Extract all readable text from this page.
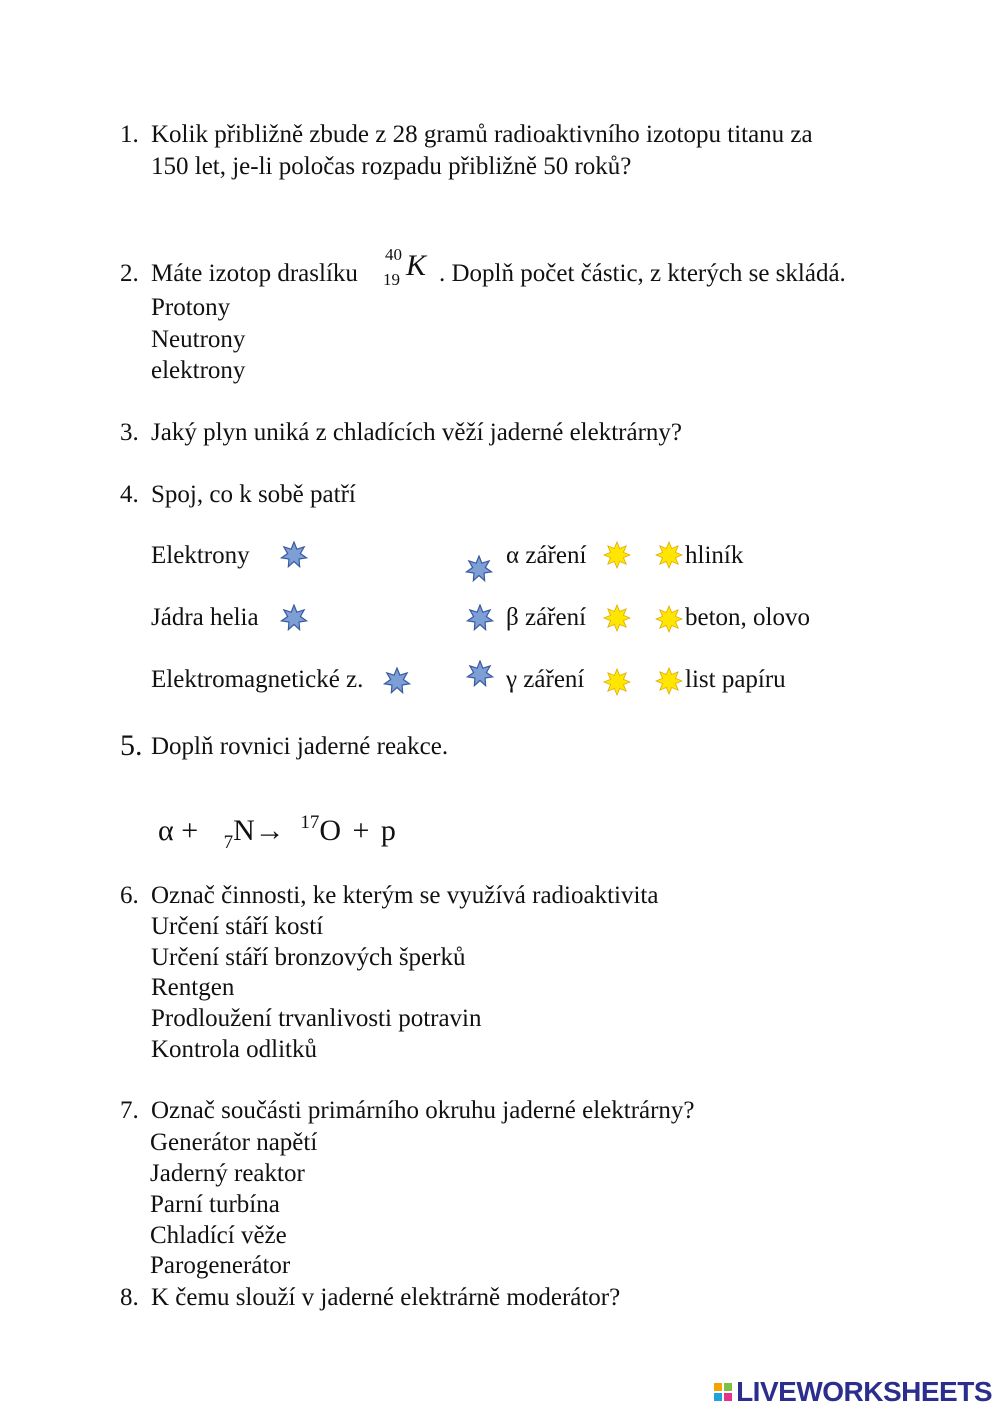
1. Kolik přibližně zbude z 28 gramů radioaktivního izotopu titanu za
150 let, je-li poločas rozpadu přibližně 50 roků?
2. Máte izotop draslíku
40
19 K . Doplň počet částic, z kterých se skládá.
Protony
Neutrony
elektrony
3. Jaký plyn uniká z chladících věží jaderné elektrárny?
4. Spoj, co k sobě patří
Elektrony	α záření	hliník
Jádra helia	β záření	beton, olovo
Elektromagnetické z.	γ záření	list papíru
5. Doplň rovnici jaderné reakce.
α + $_7$N→ $^{17}$O + p
6. Označ činnosti, ke kterým se využívá radioaktivita
Určení stáří kostí
Určení stáří bronzových šperků
Rentgen
Prodloužení trvanlivosti potravin
Kontrola odlitků
7. Označ součásti primárního okruhu jaderné elektrárny?
Generátor napětí
Jaderný reaktor
Parní turbína
Chladící věže
Parogenerátor
8. K čemu slouží v jaderné elektrárně moderátor?
LIVEWORKSHEETS
